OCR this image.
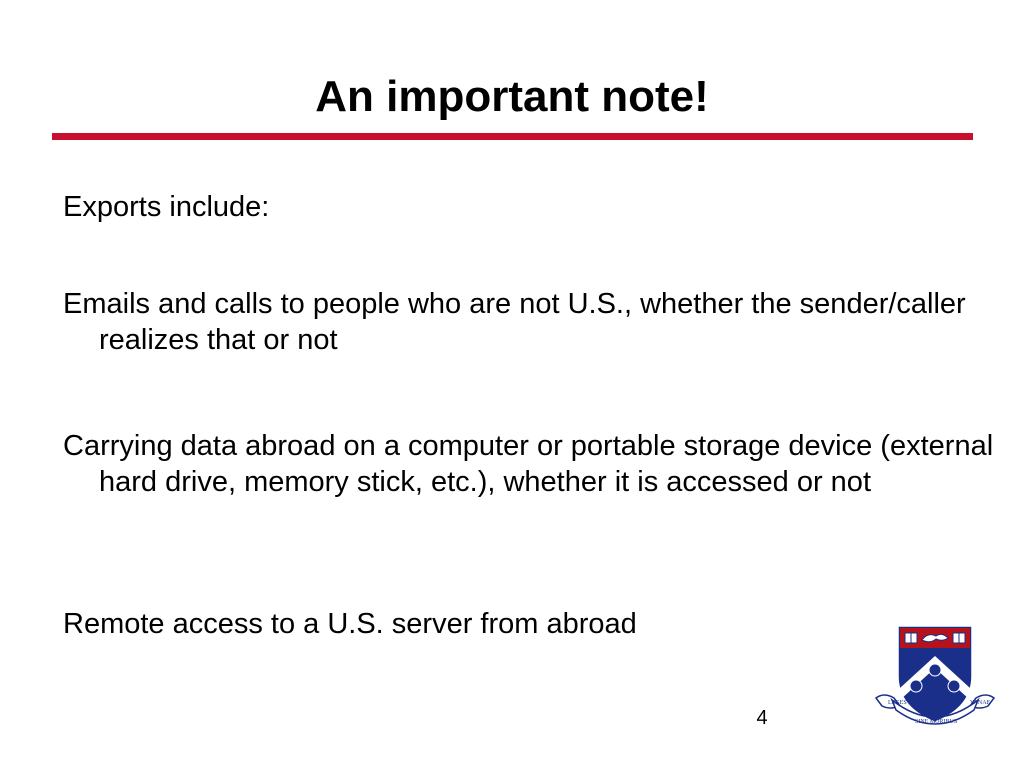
An important note!

Exports include:

Emails and calls to people who are not U.S., whether the sender/caller realizes that or not

Carrying data abroad on a computer or portable storage device (external hard drive, memory stick, etc.), whether it is accessed or not

Remote access to a U.S. server from abroad

4
LEGES	VANAE
SINE MORIBUS
